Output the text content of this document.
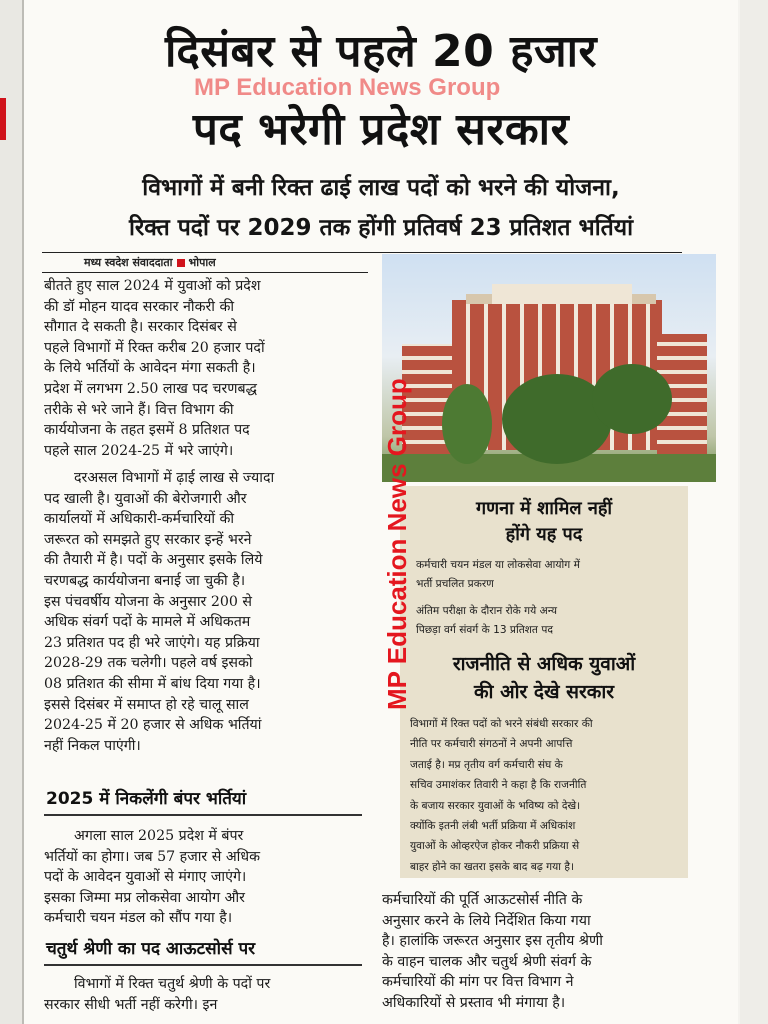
दिसंबर से पहले 20 हजार
MP Education News Group
पद भरेगी प्रदेश सरकार
विभागों में बनी रिक्त ढाई लाख पदों को भरने की योजना,
रिक्त पदों पर 2029 तक होंगी प्रतिवर्ष 23 प्रतिशत भर्तियां
मध्य स्वदेश संवाददाता भोपाल

बीतते हुए साल 2024 में युवाओं को प्रदेश

की डॉ मोहन यादव सरकार नौकरी की

सौगात दे सकती है। सरकार दिसंबर से

पहले विभागों में रिक्त करीब 20 हजार पदों

के लिये भर्तियों के आवेदन मंगा सकती है।

प्रदेश में लगभग 2.50 लाख पद चरणबद्ध

तरीके से भरे जाने हैं। वित्त विभाग की

कार्ययोजना के तहत इसमें 8 प्रतिशत पद

पहले साल 2024-25 में भरे जाएंगे।

दरअसल विभागों में ढ़ाई लाख से ज्यादा

पद खाली है। युवाओं की बेरोजगारी और

कार्यालयों में अधिकारी-कर्मचारियों की

जरूरत को समझते हुए सरकार इन्हें भरने

की तैयारी में है। पदों के अनुसार इसके लिये

चरणबद्ध कार्ययोजना बनाई जा चुकी है।

इस पंचवर्षीय योजना के अनुसार 200 से

अधिक संवर्ग पदों के मामले में अधिकतम

23 प्रतिशत पद ही भरे जाएंगे। यह प्रक्रिया

2028-29 तक चलेगी। पहले वर्ष इसको

08 प्रतिशत की सीमा में बांध दिया गया है।

इससे दिसंबर में समाप्त हो रहे चालू साल

2024-25 में 20 हजार से अधिक भर्तियां

नहीं निकल पाएंगी।

2025 में निकलेंगी बंपर भर्तियां

अगला साल 2025 प्रदेश में बंपर

भर्तियों का होगा। जब 57 हजार से अधिक

पदों के आवेदन युवाओं से मंगाए जाएंगे।

इसका जिम्मा मप्र लोकसेवा आयोग और

कर्मचारी चयन मंडल को सौंप गया है।

चतुर्थ श्रेणी का पद आऊटसोर्स पर

विभागों में रिक्त चतुर्थ श्रेणी के पदों पर

सरकार सीधी भर्ती नहीं करेगी। इन

गणना में शामिल नहीं
होंगे यह पद
कर्मचारी चयन मंडल या लोकसेवा आयोग में
भर्ती प्रचलित प्रकरण
अंतिम परीक्षा के दौरान रोके गये अन्य
पिछड़ा वर्ग संवर्ग के 13 प्रतिशत पद
राजनीति से अधिक युवाओं
की ओर देखे सरकार
विभागों में रिक्त पदों को भरने संबंधी सरकार की
नीति पर कर्मचारी संगठनों ने अपनी आपत्ति
जताई है। मप्र तृतीय वर्ग कर्मचारी संघ के
सचिव उमाशंकर तिवारी ने कहा है कि राजनीति
के बजाय सरकार युवाओं के भविष्य को देखे।
क्योंकि इतनी लंबी भर्ती प्रक्रिया में अधिकांश
युवाओं के ओव्हरऐज होकर नौकरी प्रक्रिया से
बाहर होने का खतरा इसके बाद बढ़ गया है।

कर्मचारियों की पूर्ति आऊटसोर्स नीति के

अनुसार करने के लिये निर्देशित किया गया

है। हालांकि जरूरत अनुसार इस तृतीय श्रेणी

के वाहन चालक और चतुर्थ श्रेणी संवर्ग के

कर्मचारियों की मांग पर वित्त विभाग ने

अधिकारियों से प्रस्ताव भी मंगाया है।

MP Education News Group
